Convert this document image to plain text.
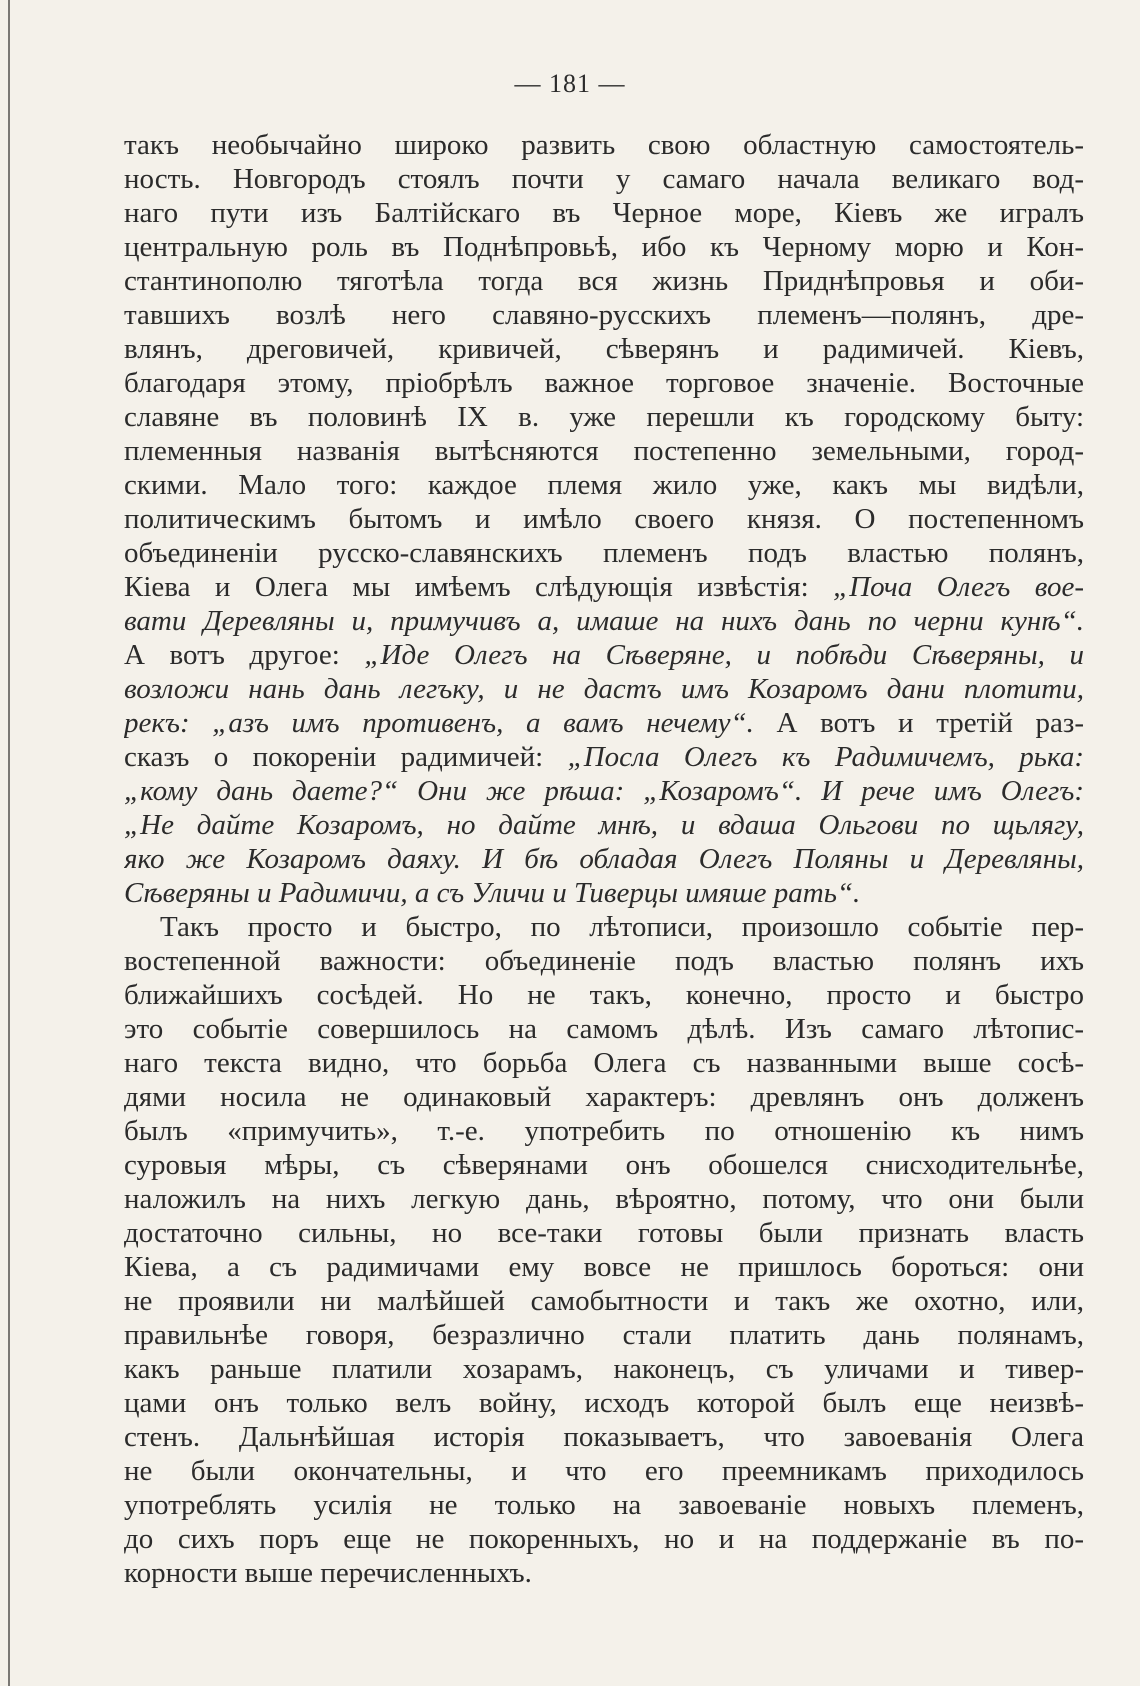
— 181 —
такъ необычайно широко развить свою областную самостоятель-
ность. Новгородъ стоялъ почти у самаго начала великаго вод-
наго пути изъ Балтійскаго въ Черное море, Кіевъ же игралъ
центральную роль въ Поднѣпровьѣ, ибо къ Черному морю и Кон-
стантинополю тяготѣла тогда вся жизнь Приднѣпровья и оби-
тавшихъ возлѣ него славяно-русскихъ племенъ—полянъ, дре-
влянъ, дреговичей, кривичей, сѣверянъ и радимичей. Кіевъ,
благодаря этому, пріобрѣлъ важное торговое значеніе. Восточные
славяне въ половинѣ IX в. уже перешли къ городскому быту:
племенныя названія вытѣсняются постепенно земельными, город-
скими. Мало того: каждое племя жило уже, какъ мы видѣли,
политическимъ бытомъ и имѣло своего князя. О постепенномъ
объединеніи русско-славянскихъ племенъ подъ властью полянъ,
Кіева и Олега мы имѣемъ слѣдующія извѣстія: „Поча Олегъ вое-
вати Деревляны и, примучивъ а, имаше на нихъ дань по черни кунѣ“.
А вотъ другое: „Иде Олегъ на Сѣверяне, и побѣди Сѣверяны, и
возложи нань дань легъку, и не дастъ имъ Козаромъ дани плотити,
рекъ: „азъ имъ противенъ, а вамъ нечему“. А вотъ и третій раз-
сказъ о покореніи радимичей: „Посла Олегъ къ Радимичемъ, рька:
„кому дань даете?“ Они же рѣша: „Козаромъ“. И рече имъ Олегъ:
„Не дайте Козаромъ, но дайте мнѣ, и вдаша Ольгови по щьлягу,
яко же Козаромъ даяху. И бѣ обладая Олегъ Поляны и Деревляны,
Сѣверяны и Радимичи, а съ Уличи и Тиверцы имяше рать“.
Такъ просто и быстро, по лѣтописи, произошло событіе пер-
востепенной важности: объединеніе подъ властью полянъ ихъ
ближайшихъ сосѣдей. Но не такъ, конечно, просто и быстро
это событіе совершилось на самомъ дѣлѣ. Изъ самаго лѣтопис-
наго текста видно, что борьба Олега съ названными выше сосѣ-
дями носила не одинаковый характеръ: древлянъ онъ долженъ
былъ «примучить», т.-е. употребить по отношенію къ нимъ
суровыя мѣры, съ сѣверянами онъ обошелся снисходительнѣе,
наложилъ на нихъ легкую дань, вѣроятно, потому, что они были
достаточно сильны, но все-таки готовы были признать власть
Кіева, а съ радимичами ему вовсе не пришлось бороться: они
не проявили ни малѣйшей самобытности и такъ же охотно, или,
правильнѣе говоря, безразлично стали платить дань полянамъ,
какъ раньше платили хозарамъ, наконецъ, съ уличами и тивер-
цами онъ только велъ войну, исходъ которой былъ еще неизвѣ-
стенъ. Дальнѣйшая исторія показываетъ, что завоеванія Олега
не были окончательны, и что его преемникамъ приходилось
употреблять усилія не только на завоеваніе новыхъ племенъ,
до сихъ поръ еще не покоренныхъ, но и на поддержаніе въ по-
корности выше перечисленныхъ.
